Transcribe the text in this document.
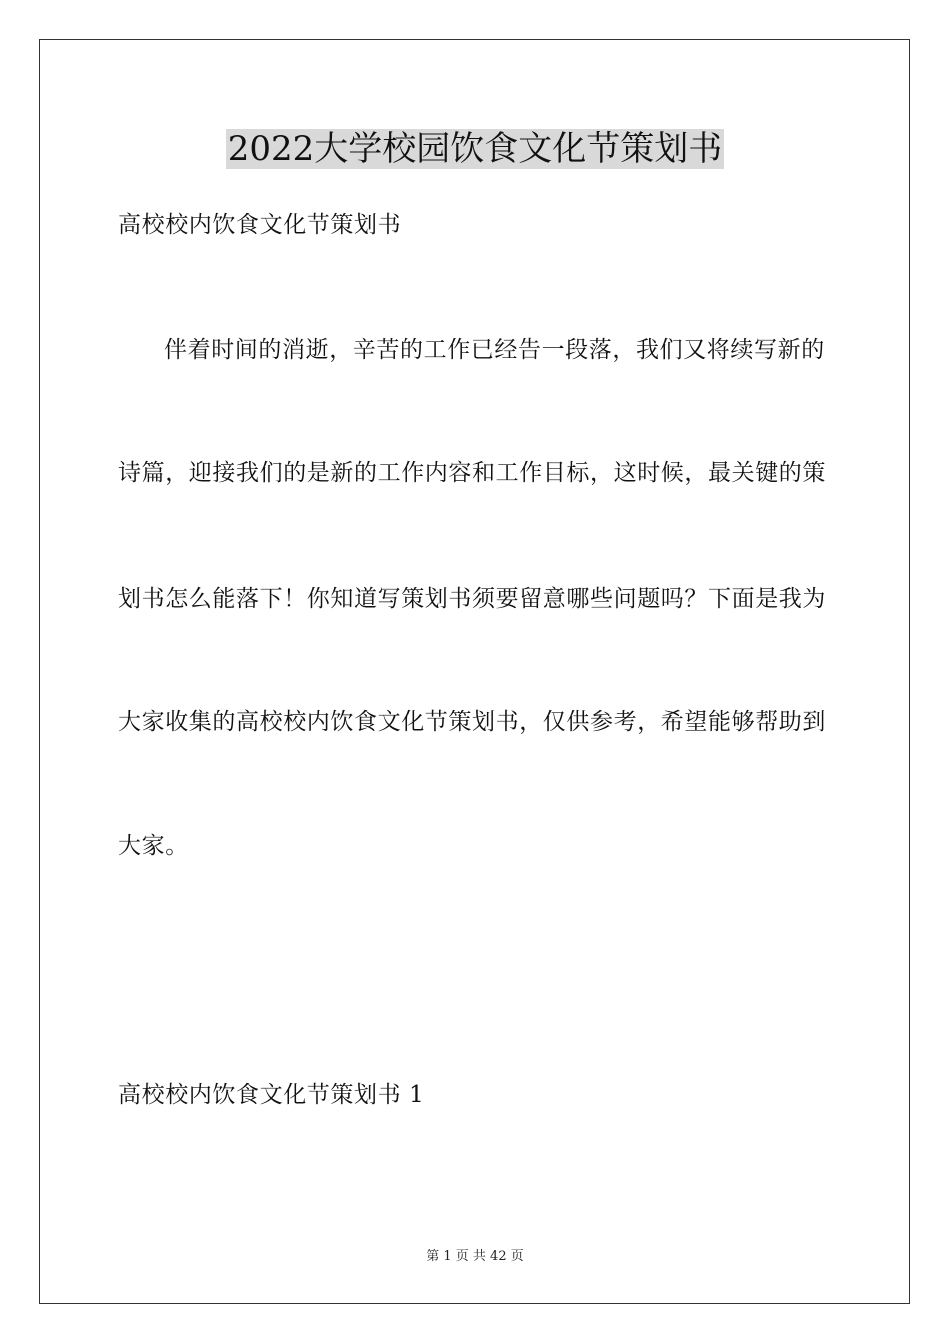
2022大学校园饮食文化节策划书
高校校内饮食文化节策划书
伴着时间的消逝，辛苦的工作已经告一段落，我们又将续写新的
诗篇，迎接我们的是新的工作内容和工作目标，这时候，最关键的策
划书怎么能落下！你知道写策划书须要留意哪些问题吗？下面是我为
大家收集的高校校内饮食文化节策划书，仅供参考，希望能够帮助到
大家。
高校校内饮食文化节策划书 1
第 1 页 共 42 页
